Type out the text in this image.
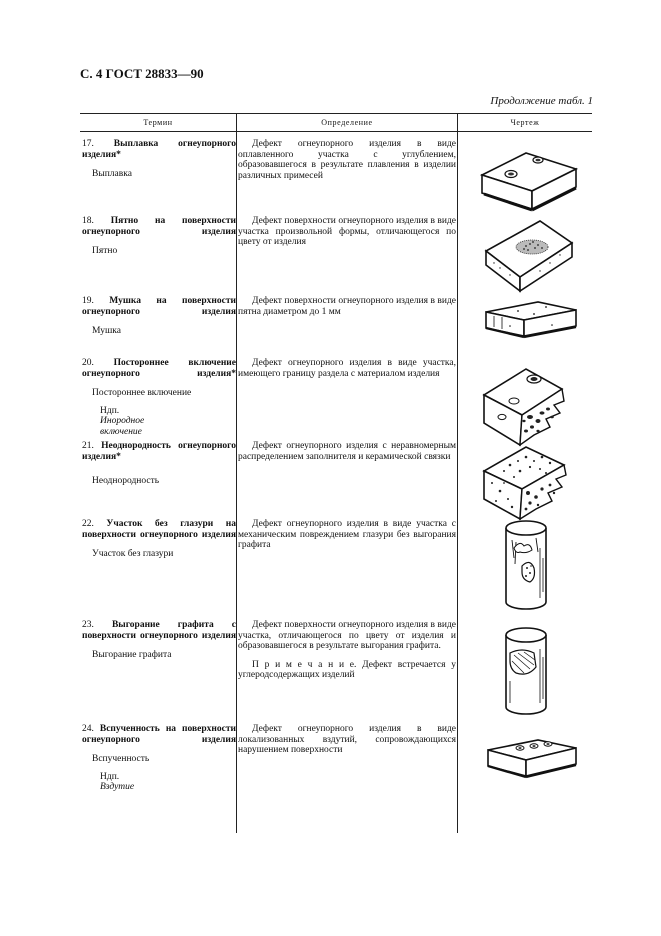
С. 4 ГОСТ 28833—90
Продолжение табл. 1
Термин	Определение	Чертеж
17. Выплавка огнеупорного изделия*
Выплавка
Дефект огнеупорного изделия в виде оплавленного участка с углублением, образовавшегося в результате плавления в изделии различных примесей
18. Пятно на поверхности огнеупорного изделия
Пятно
Дефект поверхности огнеупорного изделия в виде участка произвольной формы, отличающегося по цвету от изделия
19. Мушка на поверхности огнеупорного изделия
Мушка
Дефект поверхности огнеупорного изделия в виде пятна диаметром до 1 мм
20. Постороннее включение огнеупорного изделия*
Постороннее включение
Ндп.
Инородное
включение
Дефект огнеупорного изделия в виде участка, имеющего границу раздела с материалом изделия
21. Неоднородность огнеупорного изделия*
Неоднородность
Дефект огнеупорного изделия с неравномерным распределением заполнителя и керамической связки
22. Участок без глазури на поверхности огнеупорного изделия
Участок без глазури
Дефект огнеупорного изделия в виде участка с механическим повреждением глазури без выгорания графита
23. Выгорание графита с поверхности огнеупорного изделия
Выгорание графита
Дефект поверхности огнеупорного изделия в виде участка, отличающегося по цвету от изделия и образовавшегося в результате выгорания графита.
П р и м е ч а н и е. Дефект встречается у углеродсодержащих изделий
24. Вспученность на поверхности огнеупорного изделия
Вспученность
Ндп.
Вздутие
Дефект огнеупорного изделия в виде локализованных вздутий, сопровождающихся нарушением поверхности
